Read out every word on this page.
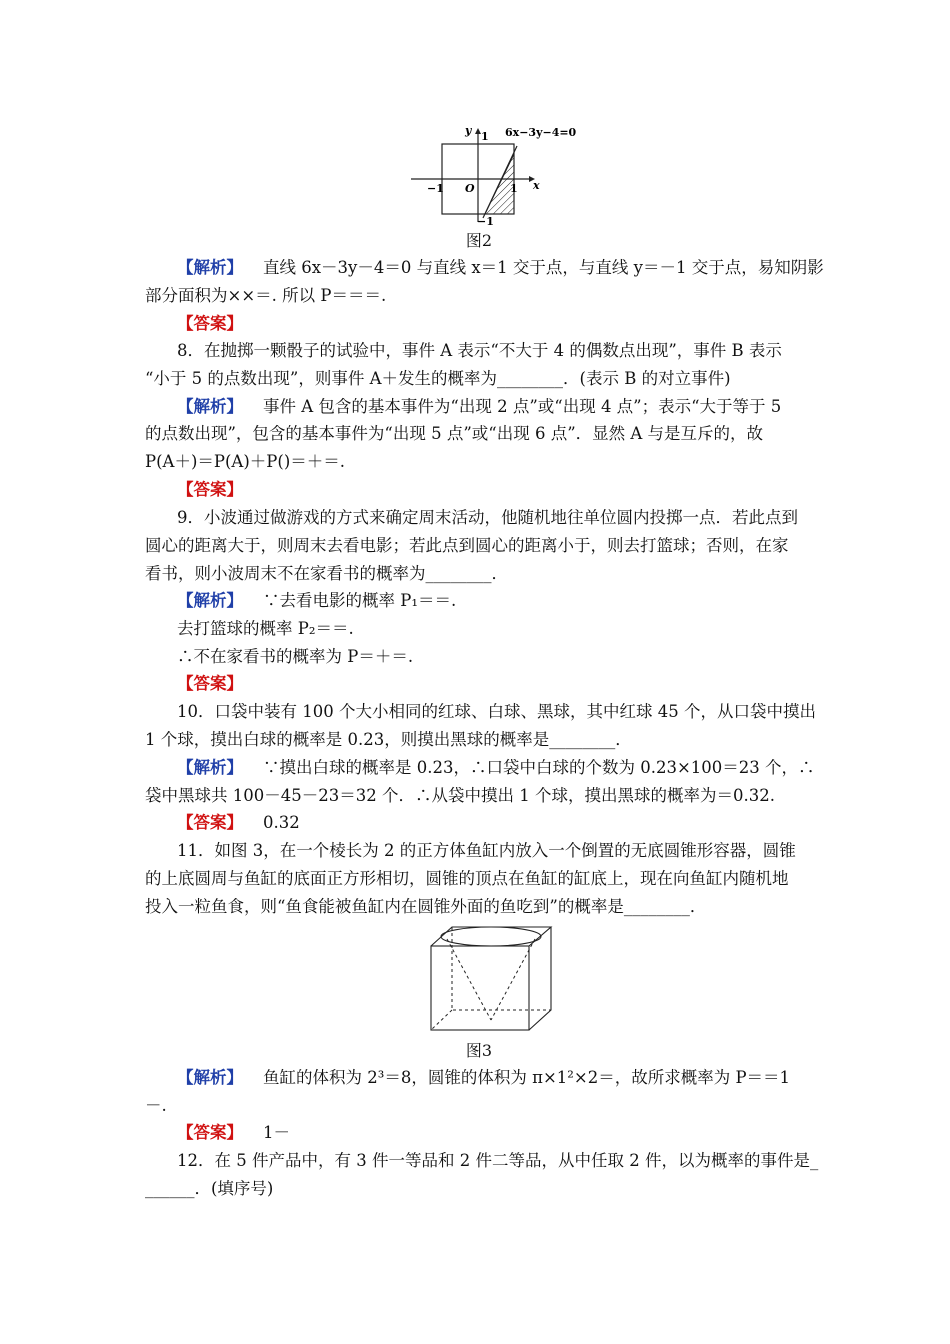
y
x
O
1
−1	1
−1
6x−3y−4=0
图2
【解析】 直线 6x－3y－4＝0 与直线 x＝1 交于点，与直线 y＝－1 交于点，易知阴影
部分面积为××＝. 所以 P＝＝＝.
【答案】
8．在抛掷一颗骰子的试验中，事件 A 表示“不大于 4 的偶数点出现”，事件 B 表示
“小于 5 的点数出现”，则事件 A＋发生的概率为________．(表示 B 的对立事件)
【解析】 事件 A 包含的基本事件为“出现 2 点”或“出现 4 点”；表示“大于等于 5
的点数出现”，包含的基本事件为“出现 5 点”或“出现 6 点”．显然 A 与是互斥的，故
P(A＋)＝P(A)＋P()＝＋＝.
【答案】
9．小波通过做游戏的方式来确定周末活动，他随机地往单位圆内投掷一点．若此点到
圆心的距离大于，则周末去看电影；若此点到圆心的距离小于，则去打篮球；否则，在家
看书，则小波周末不在家看书的概率为________．
【解析】 ∵去看电影的概率 P₁＝＝.
去打篮球的概率 P₂＝＝.
∴不在家看书的概率为 P＝＋＝.
【答案】
10．口袋中装有 100 个大小相同的红球、白球、黑球，其中红球 45 个，从口袋中摸出
1 个球，摸出白球的概率是 0.23，则摸出黑球的概率是________．
【解析】 ∵摸出白球的概率是 0.23，∴口袋中白球的个数为 0.23×100＝23 个，∴
袋中黑球共 100－45－23＝32 个．∴从袋中摸出 1 个球，摸出黑球的概率为＝0.32.
【答案】 0.32
11．如图 3，在一个棱长为 2 的正方体鱼缸内放入一个倒置的无底圆锥形容器，圆锥
的上底圆周与鱼缸的底面正方形相切，圆锥的顶点在鱼缸的缸底上，现在向鱼缸内随机地
投入一粒鱼食，则“鱼食能被鱼缸内在圆锥外面的鱼吃到”的概率是________．
图3
【解析】 鱼缸的体积为 2³＝8，圆锥的体积为 π×1²×2＝，故所求概率为 P＝＝1
－.
【答案】 1－
12．在 5 件产品中，有 3 件一等品和 2 件二等品，从中任取 2 件，以为概率的事件是_
______．(填序号)
